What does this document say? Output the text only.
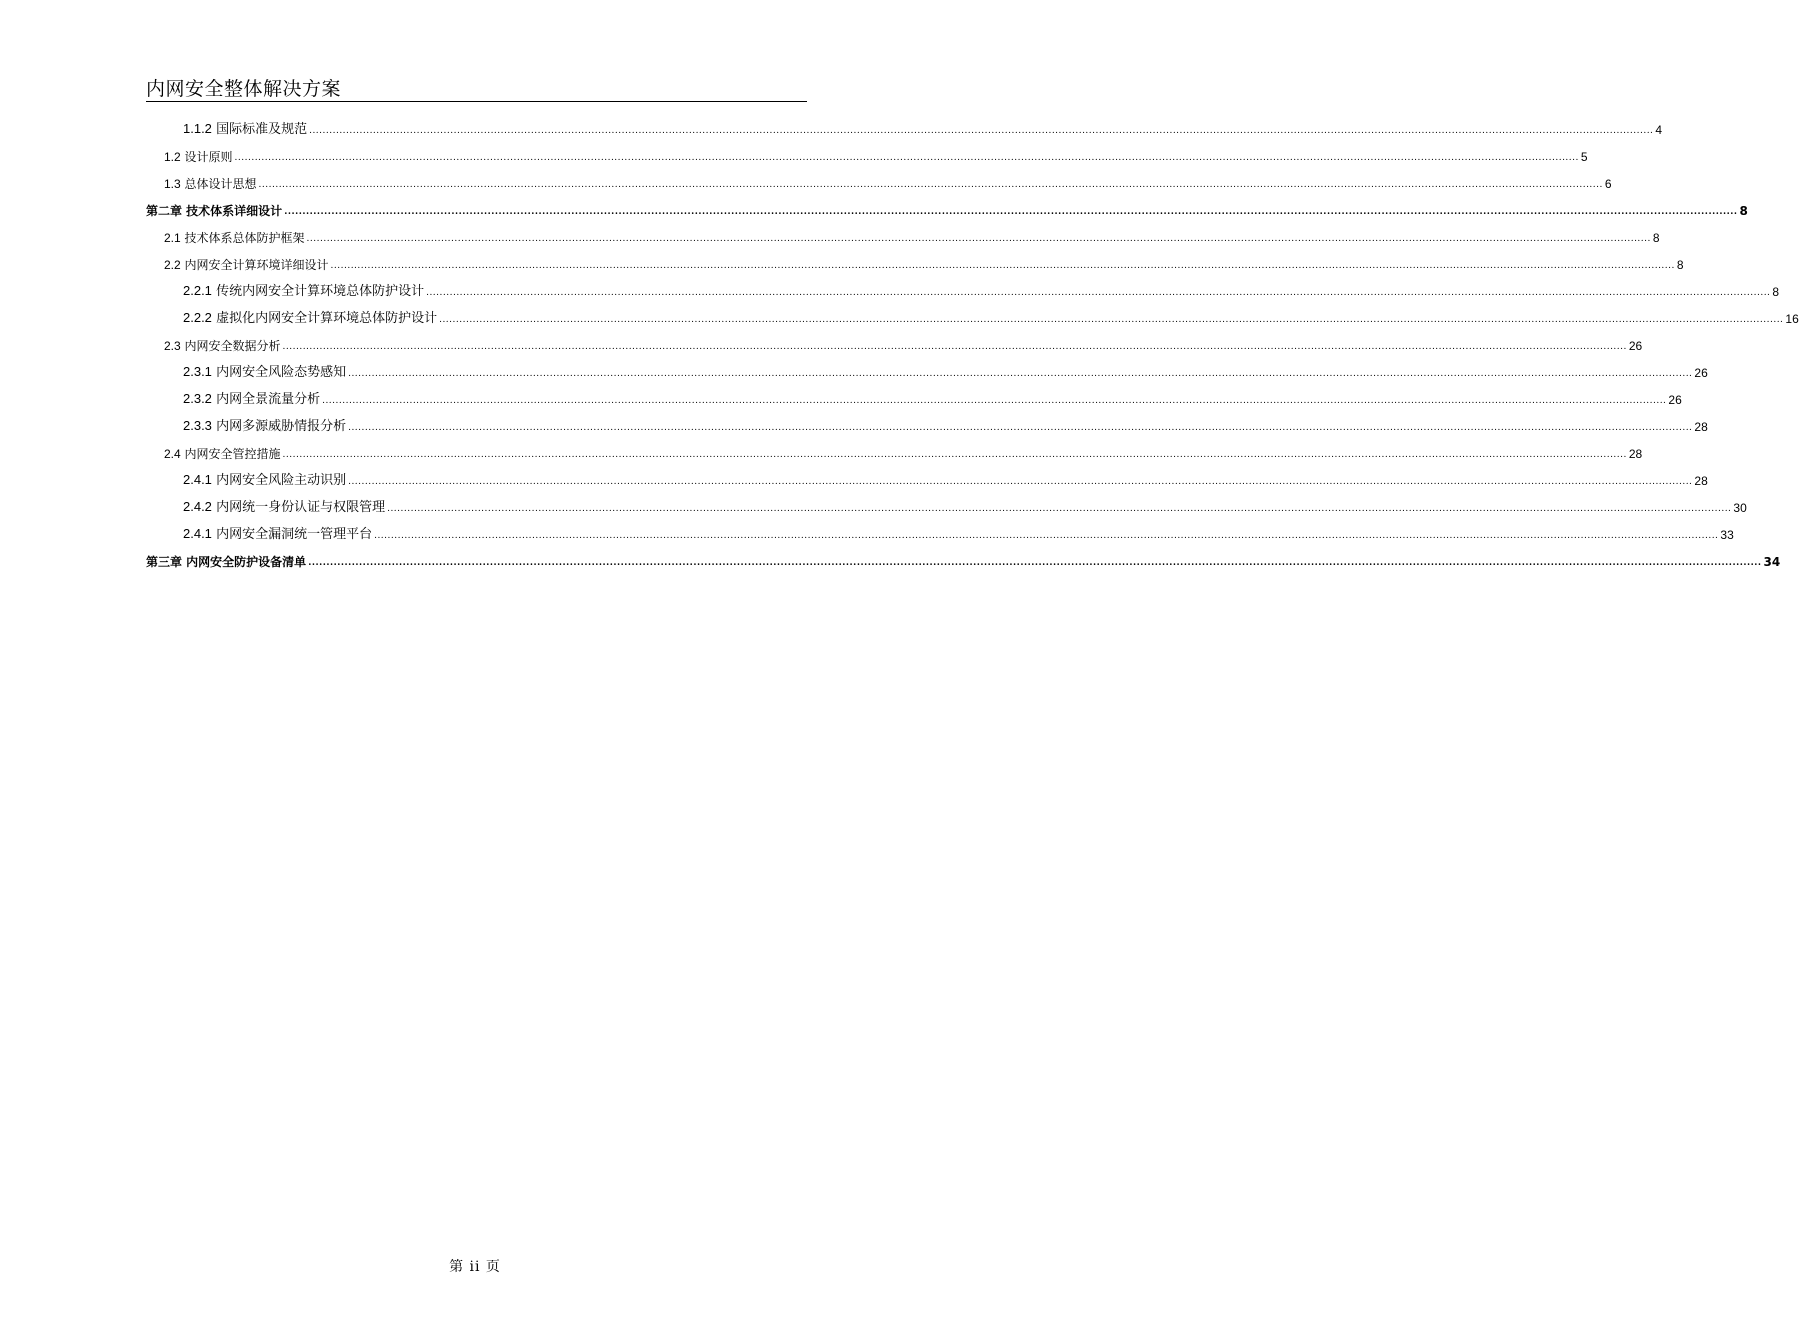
内网安全整体解决方案
1.1.2 国际标准及规范 ................................................................................................................................................................................................................................................................................................................................................................................................................ 4
1.2 设计原则 ................................................................................................................................................................................................................................................................................................................................................................................................................ 5
1.3 总体设计思想 ................................................................................................................................................................................................................................................................................................................................................................................................................ 6
第二章 技术体系详细设计 ................................................................................................................................................................................................................................................................................................................................................................................................................ 8
2.1 技术体系总体防护框架 ................................................................................................................................................................................................................................................................................................................................................................................................................ 8
2.2 内网安全计算环境详细设计 ................................................................................................................................................................................................................................................................................................................................................................................................................ 8
2.2.1 传统内网安全计算环境总体防护设计 ................................................................................................................................................................................................................................................................................................................................................................................................................ 8
2.2.2 虚拟化内网安全计算环境总体防护设计 ................................................................................................................................................................................................................................................................................................................................................................................................................ 16
2.3 内网安全数据分析 ................................................................................................................................................................................................................................................................................................................................................................................................................ 26
2.3.1 内网安全风险态势感知 ................................................................................................................................................................................................................................................................................................................................................................................................................ 26
2.3.2 内网全景流量分析 ................................................................................................................................................................................................................................................................................................................................................................................................................ 26
2.3.3 内网多源威胁情报分析 ................................................................................................................................................................................................................................................................................................................................................................................................................ 28
2.4 内网安全管控措施 ................................................................................................................................................................................................................................................................................................................................................................................................................ 28
2.4.1 内网安全风险主动识别 ................................................................................................................................................................................................................................................................................................................................................................................................................ 28
2.4.2 内网统一身份认证与权限管理 ................................................................................................................................................................................................................................................................................................................................................................................................................ 30
2.4.1 内网安全漏洞统一管理平台 ................................................................................................................................................................................................................................................................................................................................................................................................................ 33
第三章 内网安全防护设备清单 ................................................................................................................................................................................................................................................................................................................................................................................................................ 34
第 ii 页
